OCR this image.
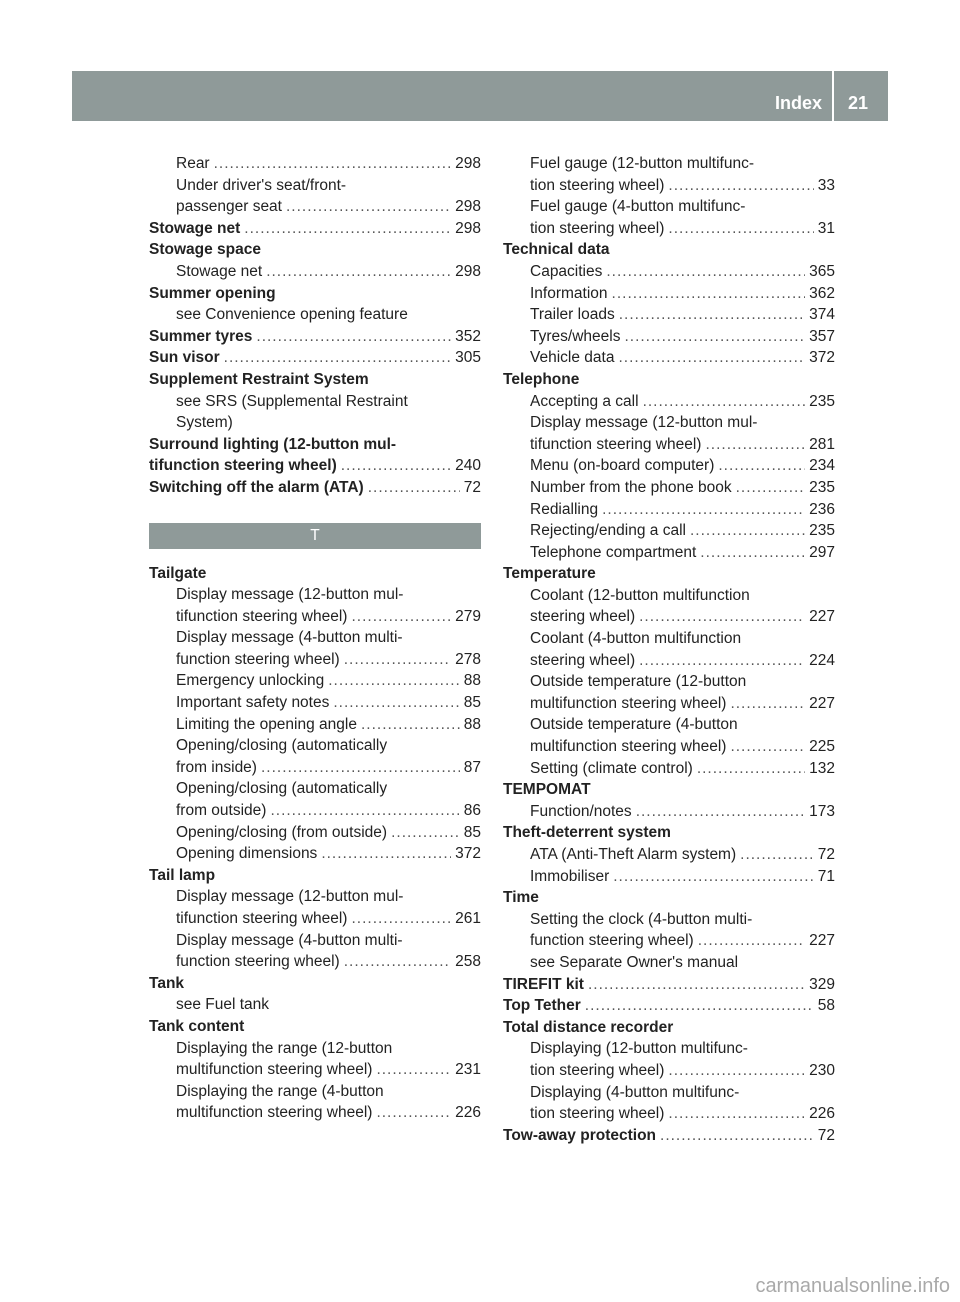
Index 21
Rear .....	298
Under driver's seat/front-
passenger seat .....	298
Stowage net .....	298
Stowage space
Stowage net .....	298
Summer opening
see Convenience opening feature
Summer tyres .....	352
Sun visor .....	305
Supplement Restraint System
see SRS (Supplemental Restraint
System)
Surround lighting (12-button mul-
tifunction steering wheel) .....	240
Switching off the alarm (ATA) .....	72
T
Tailgate
Display message (12-button mul-
tifunction steering wheel) .....	279
Display message (4-button multi-
function steering wheel) .....	278
Emergency unlocking .....	88
Important safety notes .....	85
Limiting the opening angle .....	88
Opening/closing (automatically
from inside) .....	87
Opening/closing (automatically
from outside) .....	86
Opening/closing (from outside) .....	85
Opening dimensions .....	372
Tail lamp
Display message (12-button mul-
tifunction steering wheel) .....	261
Display message (4-button multi-
function steering wheel) .....	258
Tank
see Fuel tank
Tank content
Displaying the range (12-button
multifunction steering wheel) .....	231
Displaying the range (4-button
multifunction steering wheel) .....	226
Fuel gauge (12-button multifunc-
tion steering wheel) .....	33
Fuel gauge (4-button multifunc-
tion steering wheel) .....	31
Technical data
Capacities .....	365
Information .....	362
Trailer loads .....	374
Tyres/wheels .....	357
Vehicle data .....	372
Telephone
Accepting a call .....	235
Display message (12-button mul-
tifunction steering wheel) .....	281
Menu (on-board computer) .....	234
Number from the phone book .....	235
Redialling .....	236
Rejecting/ending a call .....	235
Telephone compartment .....	297
Temperature
Coolant (12-button multifunction
steering wheel) .....	227
Coolant (4-button multifunction
steering wheel) .....	224
Outside temperature (12-button
multifunction steering wheel) .....	227
Outside temperature (4-button
multifunction steering wheel) .....	225
Setting (climate control) .....	132
TEMPOMAT
Function/notes .....	173
Theft-deterrent system
ATA (Anti-Theft Alarm system) .....	72
Immobiliser .....	71
Time
Setting the clock (4-button multi-
function steering wheel) .....	227
see Separate Owner's manual
TIREFIT kit .....	329
Top Tether .....	58
Total distance recorder
Displaying (12-button multifunc-
tion steering wheel) .....	230
Displaying (4-button multifunc-
tion steering wheel) .....	226
Tow-away protection .....	72
carmanualsonline.info
